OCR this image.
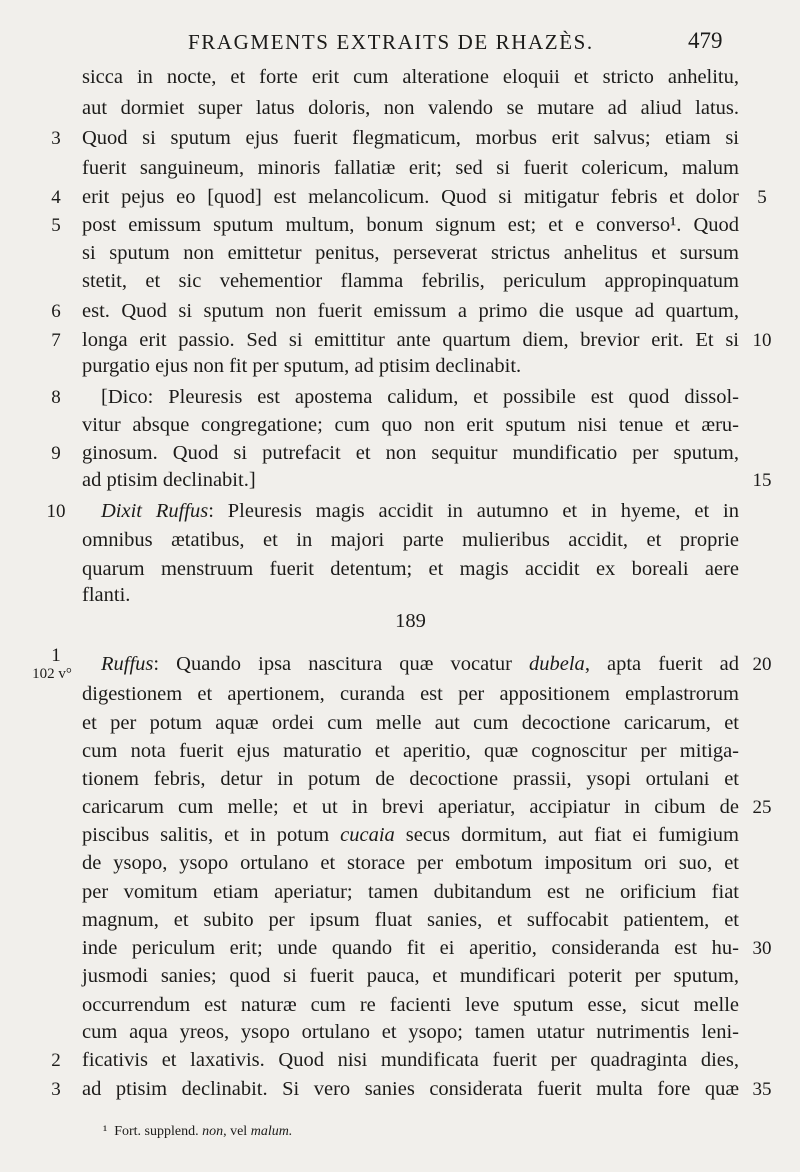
FRAGMENTS EXTRAITS DE RHAZÈS.	479
sicca in nocte, et forte erit cum alteratione eloquii et stricto anhelitu,
aut dormiet super latus doloris, non valendo se mutare ad aliud latus.
Quod si sputum ejus fuerit flegmaticum, morbus erit salvus; etiam si
fuerit sanguineum, minoris fallatiæ erit; sed si fuerit colericum, malum
erit pejus eo [quod] est melancolicum. Quod si mitigatur febris et dolor
post emissum sputum multum, bonum signum est; et e converso¹. Quod
si sputum non emittetur penitus, perseverat strictus anhelitus et sursum
stetit, et sic vehementior flamma febrilis, periculum appropinquatum
est. Quod si sputum non fuerit emissum a primo die usque ad quartum,
longa erit passio. Sed si emittitur ante quartum diem, brevior erit. Et si
purgatio ejus non fit per sputum, ad ptisim declinabit.
[Dico: Pleuresis est apostema calidum, et possibile est quod dissol-
vitur absque congregatione; cum quo non erit sputum nisi tenue et æru-
ginosum. Quod si putrefacit et non sequitur mundificatio per sputum,
ad ptisim declinabit.]
Dixit Ruffus: Pleuresis magis accidit in autumno et in hyeme, et in
omnibus ætatibus, et in majori parte mulieribus accidit, et proprie
quarum menstruum fuerit detentum; et magis accidit ex boreali aere
flanti.
189
Ruffus: Quando ipsa nascitura quæ vocatur dubela, apta fuerit ad
digestionem et apertionem, curanda est per appositionem emplastrorum
et per potum aquæ ordei cum melle aut cum decoctione caricarum, et
cum nota fuerit ejus maturatio et aperitio, quæ cognoscitur per mitiga-
tionem febris, detur in potum de decoctione prassii, ysopi ortulani et
caricarum cum melle; et ut in brevi aperiatur, accipiatur in cibum de
piscibus salitis, et in potum cucaia secus dormitum, aut fiat ei fumigium
de ysopo, ysopo ortulano et storace per embotum impositum ori suo, et
per vomitum etiam aperiatur; tamen dubitandum est ne orificium fiat
magnum, et subito per ipsum fluat sanies, et suffocabit patientem, et
inde periculum erit; unde quando fit ei aperitio, consideranda est hu-
jusmodi sanies; quod si fuerit pauca, et mundificari poterit per sputum,
occurrendum est naturæ cum re facienti leve sputum esse, sicut melle
cum aqua yreos, ysopo ortulano et ysopo; tamen utatur nutrimentis leni-
ficativis et laxativis. Quod nisi mundificata fuerit per quadraginta dies,
ad ptisim declinabit. Si vero sanies considerata fuerit multa fore quæ
3
4
5
6
7
8
9
10
1
102 v°
2
3
5
10
15
20
25
30
35
¹ Fort. supplend. non, vel malum.
